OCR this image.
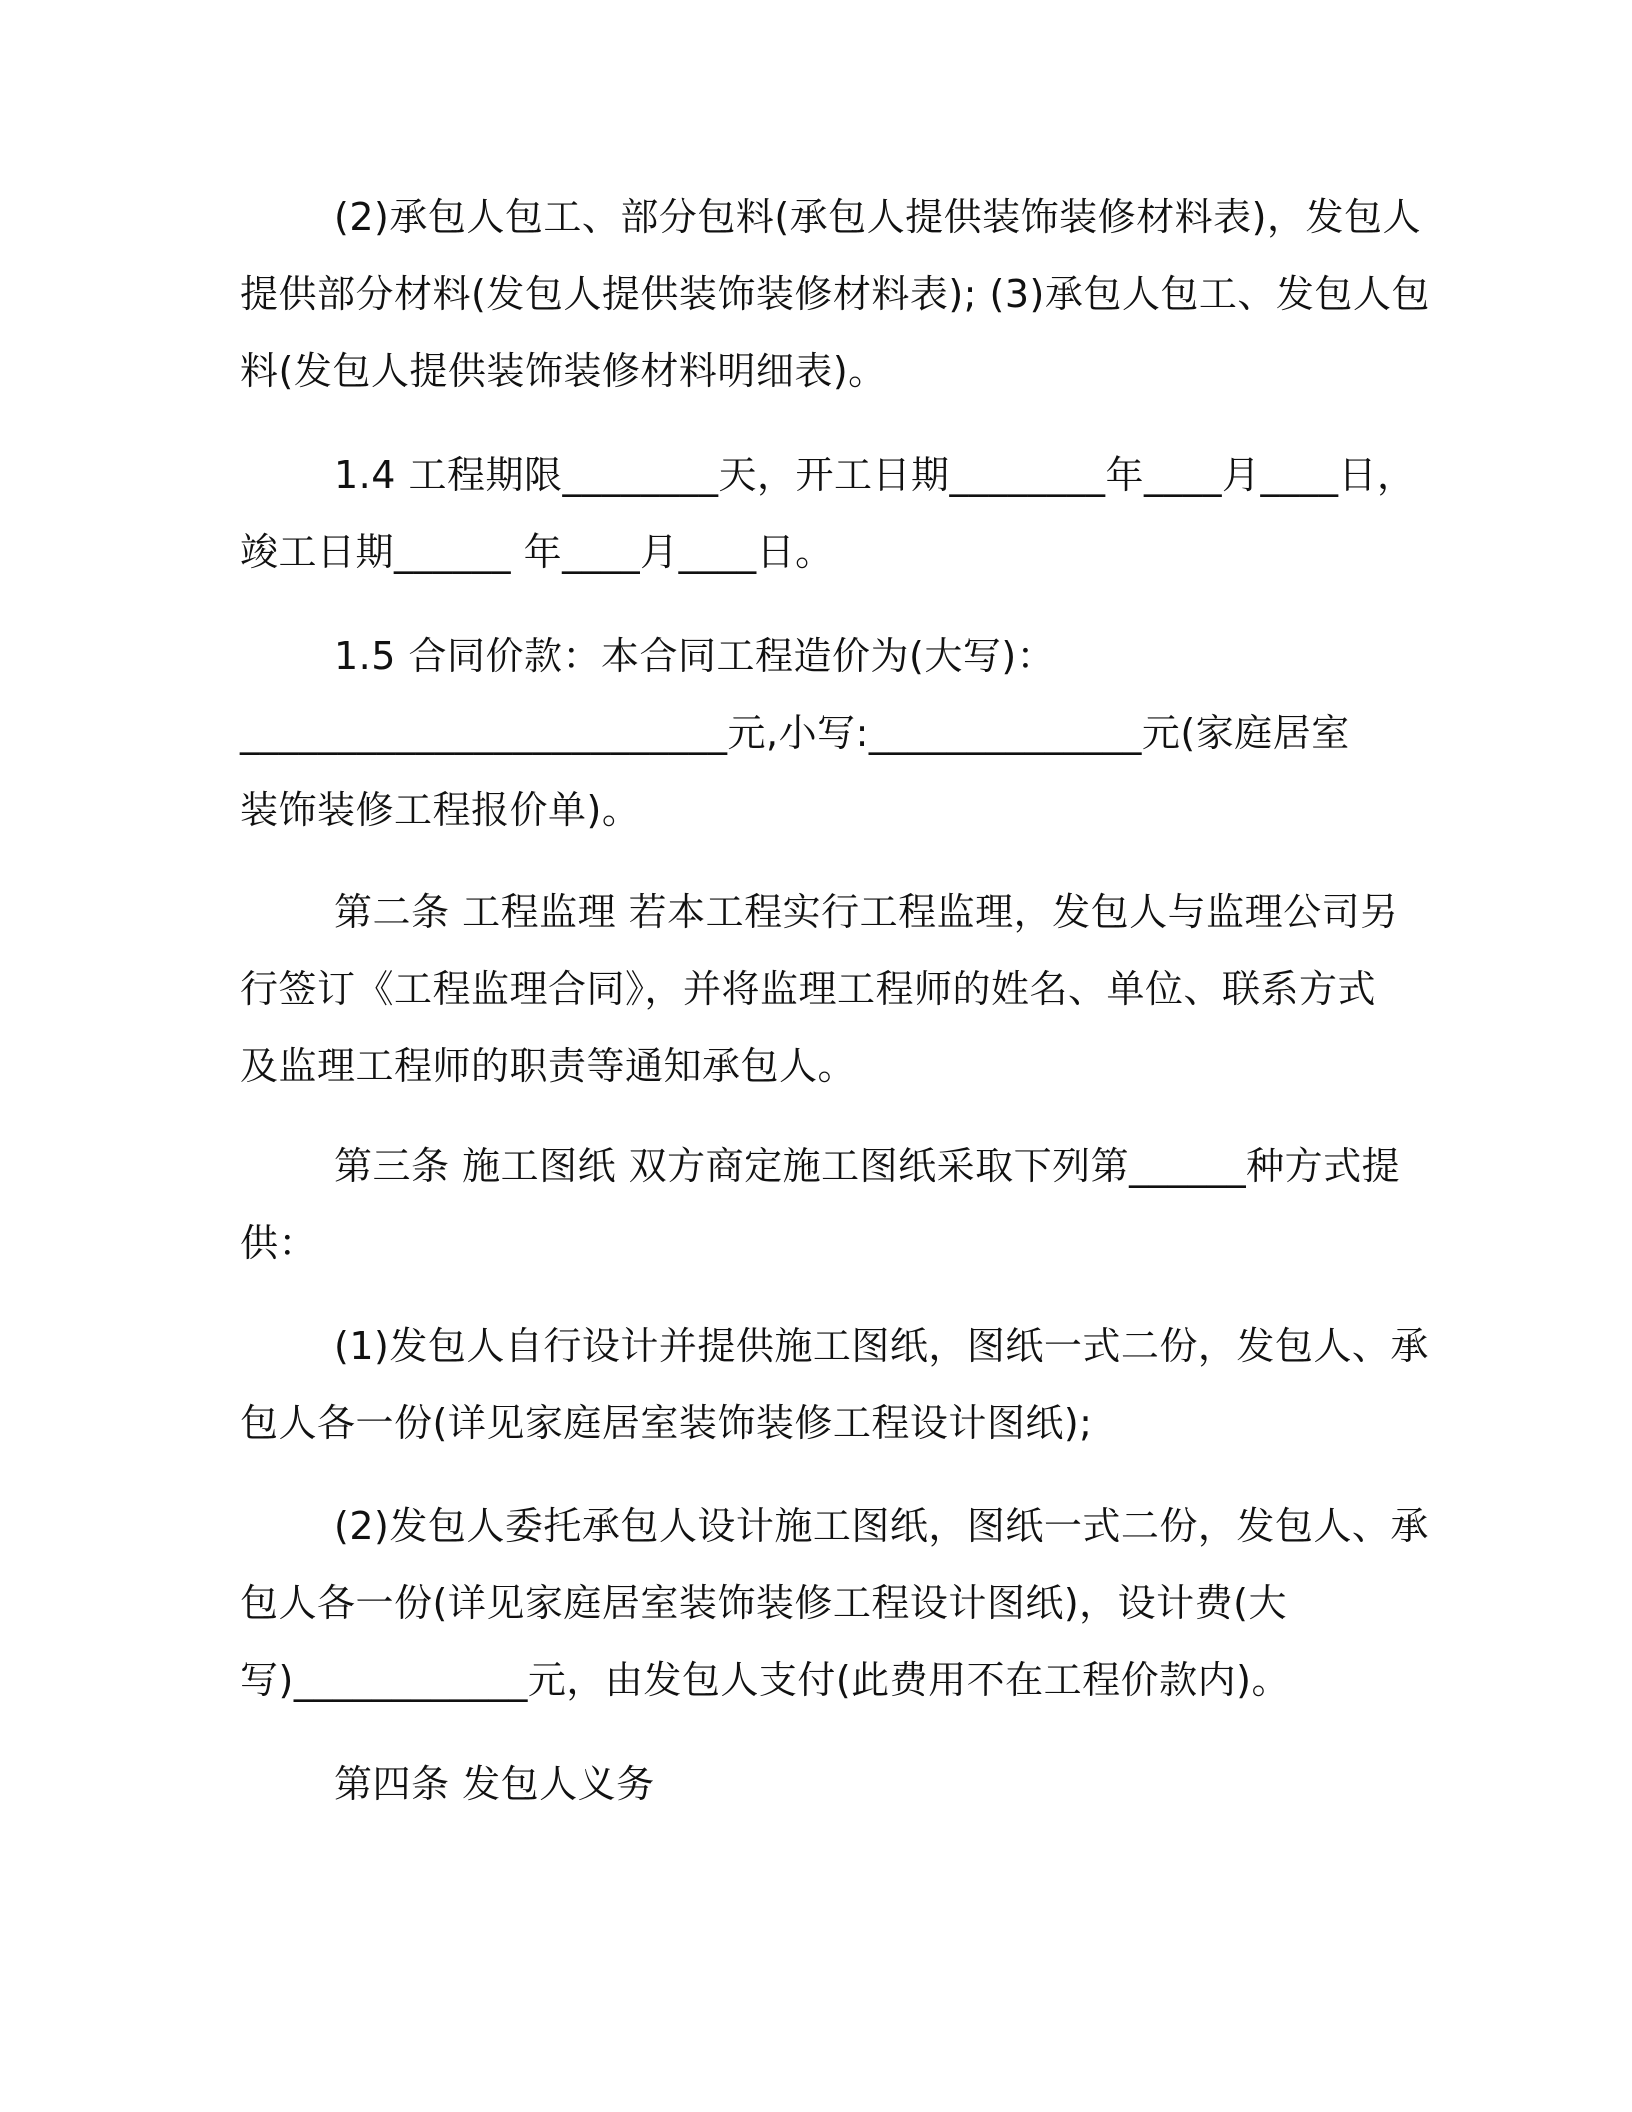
(2)承包人包工、部分包料(承包人提供装饰装修材料表)，发包人
提供部分材料(发包人提供装饰装修材料表); (3)承包人包工、发包人包
料(发包人提供装饰装修材料明细表)。
1.4 工程期限________天，开工日期________年____月____日，
竣工日期______ 年____月____日。
1.5 合同价款：本合同工程造价为(大写)：
_________________________元,小写:______________元(家庭居室
装饰装修工程报价单)。
第二条 工程监理 若本工程实行工程监理，发包人与监理公司另
行签订《工程监理合同》，并将监理工程师的姓名、单位、联系方式
及监理工程师的职责等通知承包人。
第三条 施工图纸 双方商定施工图纸采取下列第______种方式提
供：
(1)发包人自行设计并提供施工图纸，图纸一式二份，发包人、承
包人各一份(详见家庭居室装饰装修工程设计图纸);
(2)发包人委托承包人设计施工图纸，图纸一式二份，发包人、承
包人各一份(详见家庭居室装饰装修工程设计图纸)，设计费(大
写)____________元，由发包人支付(此费用不在工程价款内)。
第四条 发包人义务
